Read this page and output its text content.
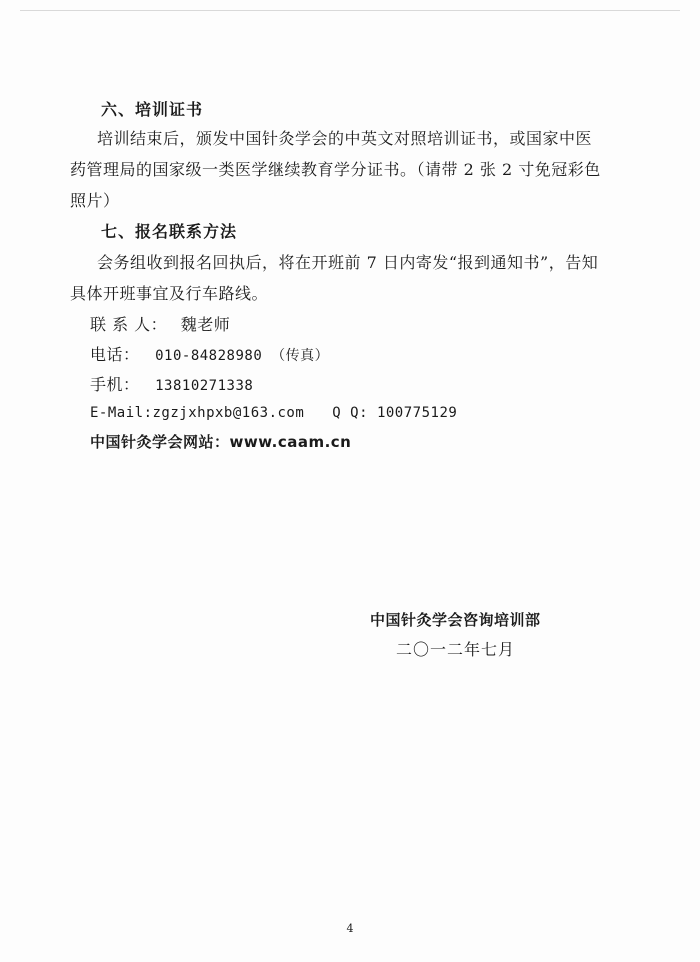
六、培训证书
培训结束后，颁发中国针灸学会的中英文对照培训证书，或国家中医
药管理局的国家级一类医学继续教育学分证书。（请带 2 张 2 寸免冠彩色
照片）
七、报名联系方法
会务组收到报名回执后，将在开班前 7 日内寄发“报到通知书”，告知
具体开班事宜及行车路线。
联 系 人： 魏老师
电话： 010-84828980 （传真）
手机： 13810271338
E-Mail:zgzjxhpxb@163.com Q Q: 100775129
中国针灸学会网站：www.caam.cn
中国针灸学会咨询培训部
二〇一二年七月
4
